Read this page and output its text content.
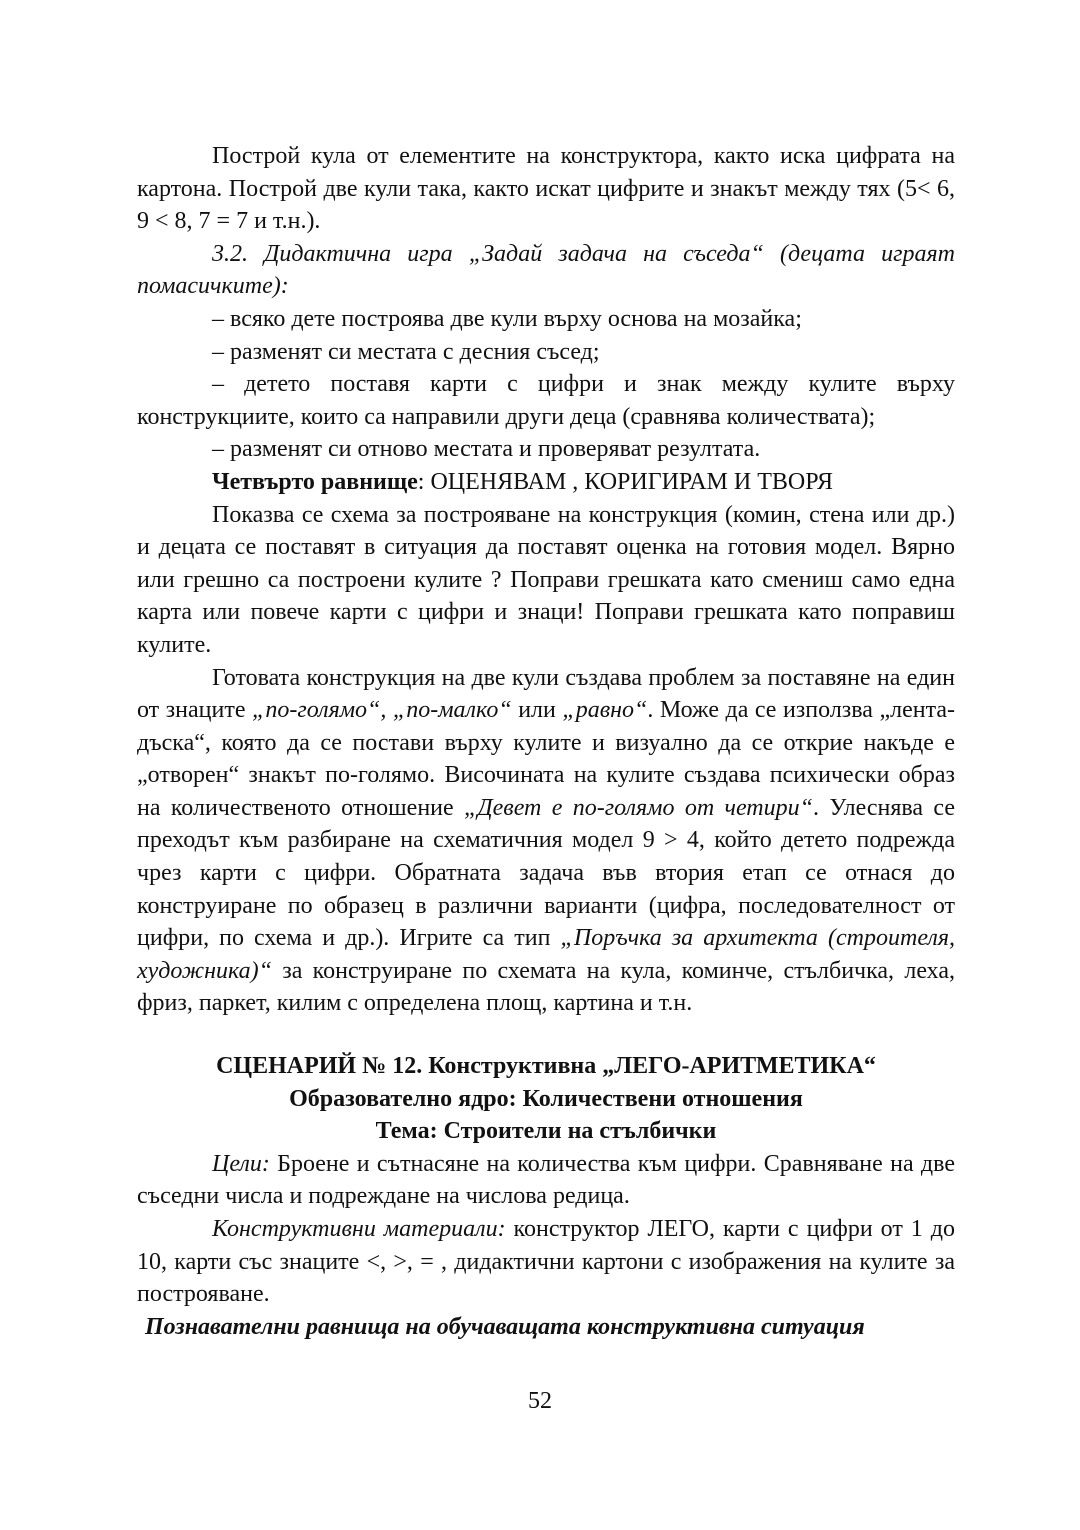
Построй кула от елементите на конструктора, както иска цифрата на картона. Построй две кули така, както искат цифрите и знакът между тях (5< 6, 9 < 8, 7 = 7 и т.н.).

3.2. Дидактична игра „Задай задача на съседа“ (децата играят помасичките):

– всяко дете построява две кули върху основа на мозайка;

– разменят си местата с десния съсед;

– детето поставя карти с цифри и знак между кулите върху конструкциите, които са направили други деца (сравнява количествата);

– разменят си отново местата и проверяват резултата.

Четвърто равнище: ОЦЕНЯВАМ , КОРИГИРАМ И ТВОРЯ

Показва се схема за построяване на конструкция (комин, стена или др.) и децата се поставят в ситуация да поставят оценка на готовия модел. Вярно или грешно са построени кулите ? Поправи грешката като смениш само една карта или повече карти с цифри и знаци! Поправи грешката като поправиш кулите.

Готовата конструкция на две кули създава проблем за поставяне на един от знаците „по-голямо“, „по-малко“ или „равно“. Може да се използва „лента-дъска“, която да се постави върху кулите и визуално да се открие накъде е „отворен“ знакът по-голямо. Височината на кулите създава психически образ на количественото отношение „Девет е по-голямо от четири“. Улеснява се преходът към разбиране на схематичния модел 9 > 4, който детето подрежда чрез карти с цифри. Обратната задача във втория етап се отнася до конструиране по образец в различни варианти (цифра, последователност от цифри, по схема и др.). Игрите са тип „Поръчка за архитекта (строителя, художника)“ за конструиране по схемата на кула, коминче, стълбичка, леха, фриз, паркет, килим с определена площ, картина и т.н.

СЦЕНАРИЙ № 12. Конструктивна „ЛЕГО-АРИТМЕТИКА“

Образователно ядро: Количествени отношения

Тема: Строители на стълбички

Цели: Броене и сътнасяне на количества към цифри. Сравняване на две съседни числа и подреждане на числова редица.

Конструктивни материали: конструктор ЛЕГО, карти с цифри от 1 до 10, карти със знаците <, >, = , дидактични картони с изображения на кулите за построяване.

Познавателни равнища на обучаващата конструктивна ситуация

52
